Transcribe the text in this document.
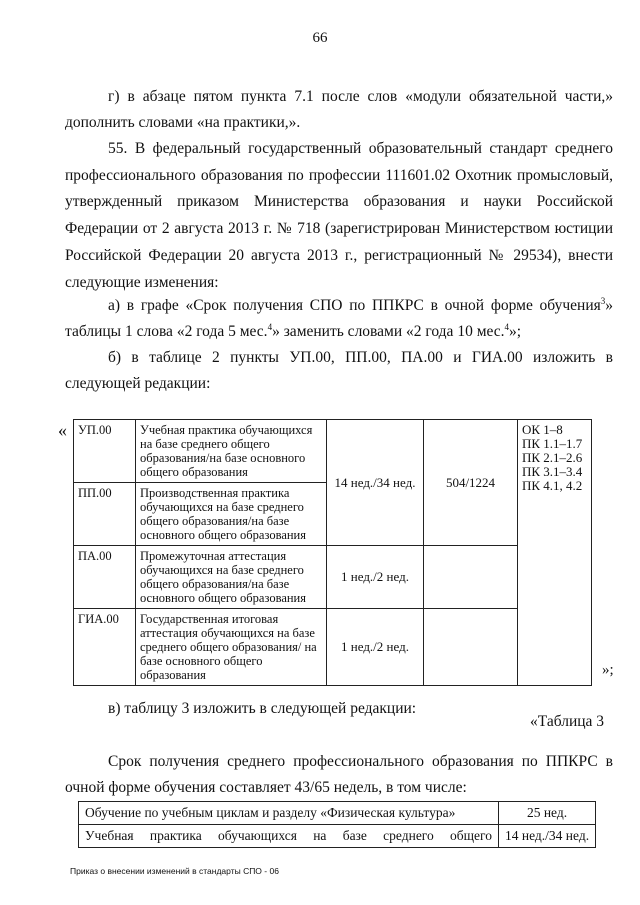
66
г) в абзаце пятом пункта 7.1 после слов «модули обязательной части,» дополнить словами «на практики,».
55. В федеральный государственный образовательный стандарт среднего профессионального образования по профессии 111601.02 Охотник промысловый, утвержденный приказом Министерства образования и науки Российской Федерации от 2 августа 2013 г. № 718 (зарегистрирован Министерством юстиции Российской Федерации 20 августа 2013 г., регистрационный № 29534), внести следующие изменения:
а) в графе «Срок получения СПО по ППКРС в очной форме обучения$^3$» таблицы 1 слова «2 года 5 мес.$^4$» заменить словами «2 года 10 мес.$^4$»;
б) в таблице 2 пункты УП.00, ПП.00, ПА.00 и ГИА.00 изложить в следующей редакции:
« УП.00	Учебная практика обучающихся на базе среднего общего образования/на базе основного общего образования	14 нед./34 нед.	504/1224	ОК 1–8
ПК 1.1–1.7
ПК 2.1–2.6
ПК 3.1–3.4
ПК 4.1, 4.2

ПП.00	Производственная практика обучающихся на базе среднего общего образования/на базе основного общего образования			
ПА.00	Промежуточная аттестация обучающихся на базе среднего общего образования/на базе основного общего образования	1 нед./2 нед.		
ГИА.00	Государственная итоговая аттестация обучающихся на базе среднего общего образования/ на базе основного общего образования	1 нед./2 нед.		
»;
в) таблицу 3 изложить в следующей редакции:
«Таблица 3
Срок получения среднего профессионального образования по ППКРС в очной форме обучения составляет 43/65 недель, в том числе:
Обучение по учебным циклам и разделу «Физическая культура»	25 нед.
Учебная практика обучающихся на базе среднего общего	14 нед./34 нед.
Приказ о внесении изменений в стандарты СПО - 06
